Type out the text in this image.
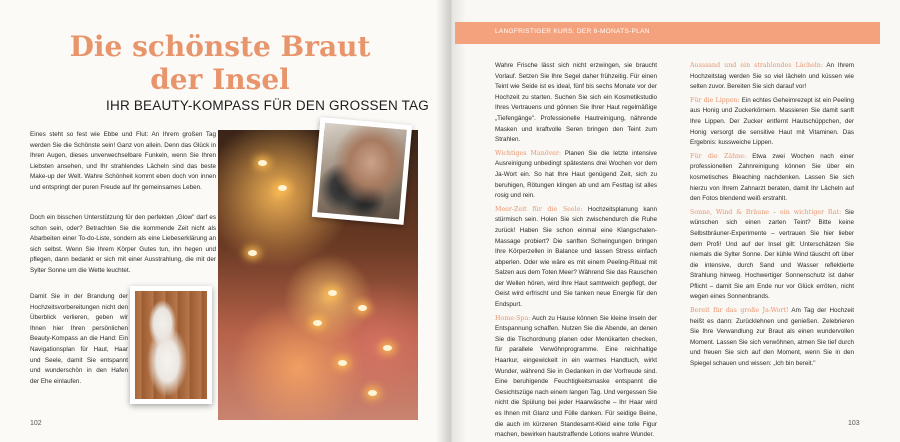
Die schönste Braut
der Insel
IHR BEAUTY-KOMPASS FÜR DEN GROSSEN TAG

Eines steht so fest wie Ebbe und Flut: An Ihrem großen Tag werden Sie die Schönste sein! Ganz von allein. Denn das Glück in Ihren Augen, dieses unverwechselbare Funkeln, wenn Sie Ihren Liebsten ansehen, und Ihr strahlendes Lächeln sind das beste Make-up der Welt. Wahre Schönheit kommt eben doch von innen und entspringt der puren Freude auf Ihr gemeinsames Leben.

Doch ein bisschen Unterstützung für den perfekten „Glow" darf es schon sein, oder? Betrachten Sie die kommende Zeit nicht als Abarbeiten einer To-do-Liste, sondern als eine Liebeserklärung an sich selbst. Wenn Sie Ihrem Körper Gutes tun, ihn hegen und pflegen, dann bedankt er sich mit einer Ausstrahlung, die mit der Sylter Sonne um die Wette leuchtet.

Damit Sie in der Brandung der Hochzeitsvorbereitungen nicht den Überblick verlieren, geben wir Ihnen hier Ihren persönlichen Beauty-Kompass an die Hand: Ein Navigationsplan für Haut, Haar und Seele, damit Sie entspannt und wunderschön in den Hafen der Ehe einlaufen.

102
LANGFRISTIGER KURS: DER 6-MONATS-PLAN

Wahre Frische lässt sich nicht erzwingen, sie braucht Vorlauf. Setzen Sie Ihre Segel daher frühzeitig. Für einen Teint wie Seide ist es ideal, fünf bis sechs Monate vor der Hochzeit zu starten. Suchen Sie sich ein Kosmetikstudio Ihres Vertrauens und gönnen Sie Ihrer Haut regelmäßige „Tiefengänge". Professionelle Hautreinigung, nährende Masken und kraftvolle Seren bringen den Teint zum Strahlen.

Wichtiges Manöver: Planen Sie die letzte intensive Ausreinigung unbedingt spätestens drei Wochen vor dem Ja-Wort ein. So hat Ihre Haut genügend Zeit, sich zu beruhigen, Rötungen klingen ab und am Festtag ist alles rosig und rein.

Meer-Zeit für die Seele: Hochzeitsplanung kann stürmisch sein. Holen Sie sich zwischendurch die Ruhe zurück! Haben Sie schon einmal eine Klangschalen-Massage probiert? Die sanften Schwingungen bringen Ihre Körperzellen in Balance und lassen Stress einfach abperlen. Oder wie wäre es mit einem Peeling-Ritual mit Salzen aus dem Toten Meer? Während Sie das Rauschen der Wellen hören, wird Ihre Haut samtweich gepflegt, der Geist wird erfrischt und Sie tanken neue Energie für den Endspurt.

Home-Spa: Auch zu Hause können Sie kleine Inseln der Entspannung schaffen. Nutzen Sie die Abende, an denen Sie die Tischordnung planen oder Menükarten checken, für parallele Verwöhnprogramme. Eine reichhaltige Haarkur, eingewickelt in ein warmes Handtuch, wirkt Wunder, während Sie in Gedanken in der Vorfreude sind. Eine beruhigende Feuchtigkeitsmaske entspannt die Gesichtszüge nach einem langen Tag. Und vergessen Sie nicht die Spülung bei jeder Haarwäsche – Ihr Haar wird es Ihnen mit Glanz und Fülle danken. Für seidige Beine, die auch im kürzeren Standesamt-Kleid eine tolle Figur machen, bewirken hautstraffende Lotions wahre Wunder.

Ausssand und ein strahlendes Lächeln: An Ihrem Hochzeitstag werden Sie so viel lächeln und küssen wie selten zuvor. Bereiten Sie sich darauf vor!

Für die Lippen: Ein echtes Geheimrezept ist ein Peeling aus Honig und Zuckerkörnern. Massieren Sie damit sanft Ihre Lippen. Der Zucker entfernt Hautschüppchen, der Honig versorgt die sensitive Haut mit Vitaminen. Das Ergebnis: kussweiche Lippen.

Für die Zähne: Etwa zwei Wochen nach einer professionellen Zahnreinigung können Sie über ein kosmetisches Bleaching nachdenken. Lassen Sie sich hierzu von Ihrem Zahnarzt beraten, damit Ihr Lächeln auf den Fotos blendend weiß erstrahlt.

Sonne, Wind & Bräune – ein wichtiger Rat: Sie wünschen sich einen zarten Teint? Bitte keine Selbstbräuner-Experimente – vertrauen Sie hier lieber dem Profi! Und auf der Insel gilt: Unterschätzen Sie niemals die Sylter Sonne. Der kühle Wind täuscht oft über die intensive, durch Sand und Wasser reflektierte Strahlung hinweg. Hochwertiger Sonnenschutz ist daher Pflicht – damit Sie am Ende nur vor Glück erröten, nicht wegen eines Sonnenbrands.

Bereit für das große Ja-Wort! Am Tag der Hochzeit heißt es dann: Zurücklehnen und genießen. Zelebrieren Sie Ihre Verwandlung zur Braut als einen wundervollen Moment. Lassen Sie sich verwöhnen, atmen Sie tief durch und freuen Sie sich auf den Moment, wenn Sie in den Spiegel schauen und wissen: „Ich bin bereit."

103
